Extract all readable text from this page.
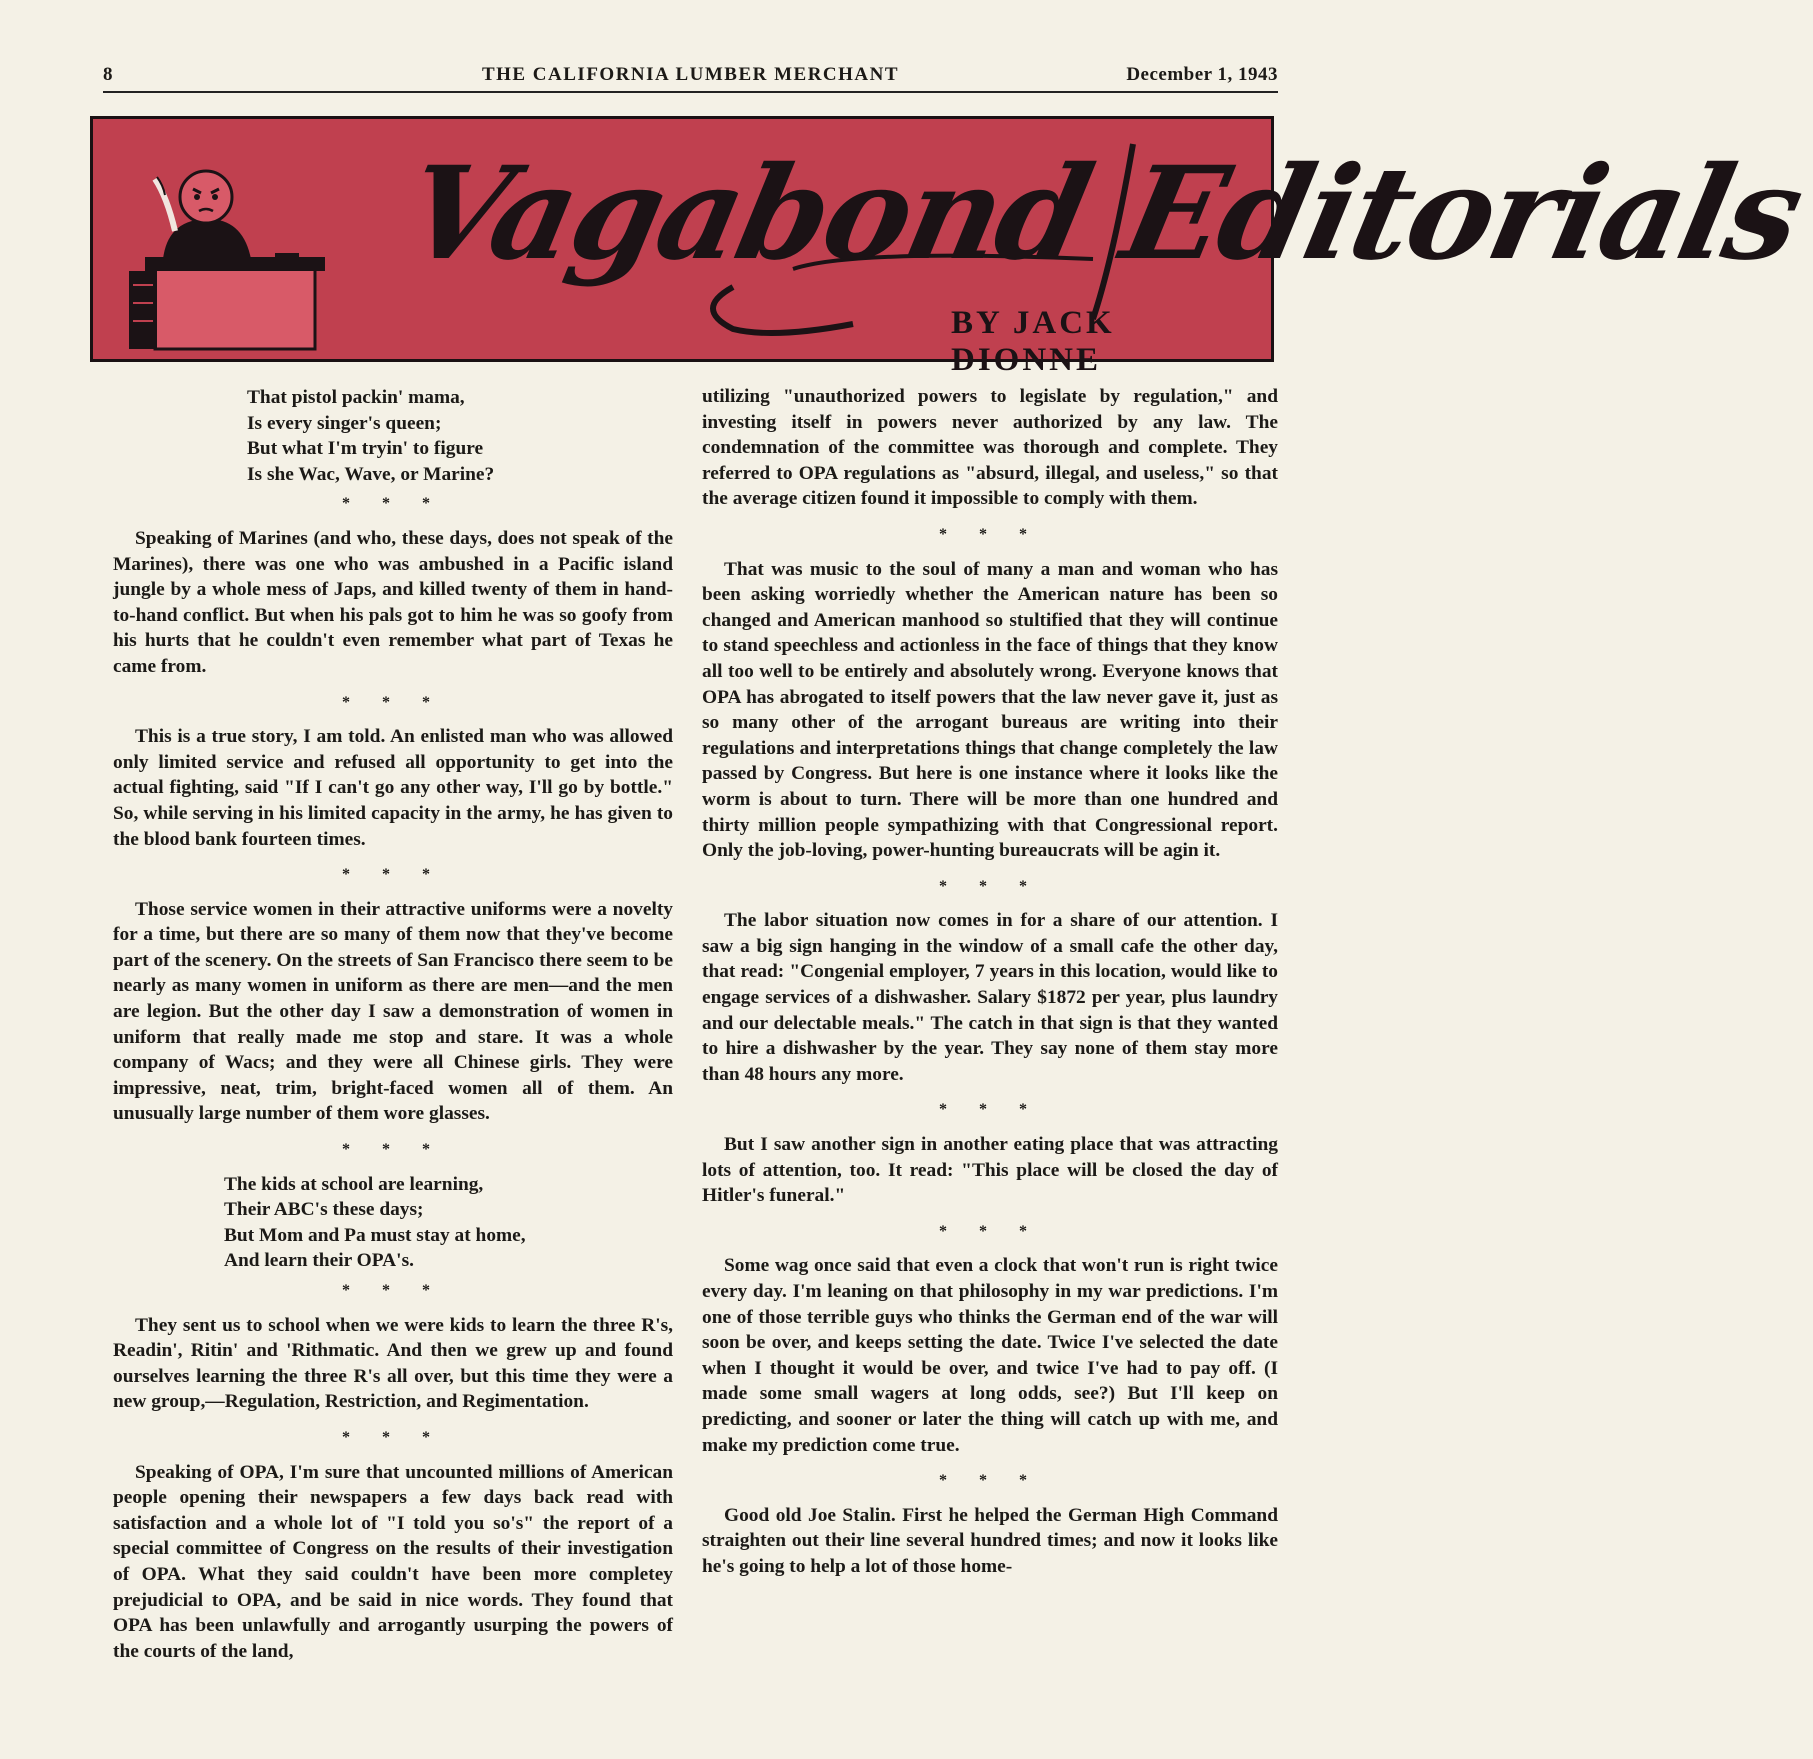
8	THE CALIFORNIA LUMBER MERCHANT	December 1, 1943
Vagabond Editorials
BY JACK DIONNE
That pistol packin' mama,
Is every singer's queen;
But what I'm tryin' to figure
Is she Wac, Wave, or Marine?
* * *

Speaking of Marines (and who, these days, does not speak of the Marines), there was one who was ambushed in a Pacific island jungle by a whole mess of Japs, and killed twenty of them in hand-to-hand conflict. But when his pals got to him he was so goofy from his hurts that he couldn't even remember what part of Texas he came from.

* * *

This is a true story, I am told. An enlisted man who was allowed only limited service and refused all opportunity to get into the actual fighting, said "If I can't go any other way, I'll go by bottle." So, while serving in his limited capacity in the army, he has given to the blood bank fourteen times.

* * *

Those service women in their attractive uniforms were a novelty for a time, but there are so many of them now that they've become part of the scenery. On the streets of San Francisco there seem to be nearly as many women in uniform as there are men—and the men are legion. But the other day I saw a demonstration of women in uniform that really made me stop and stare. It was a whole company of Wacs; and they were all Chinese girls. They were impressive, neat, trim, bright-faced women all of them. An unusually large number of them wore glasses.

* * *
The kids at school are learning,
Their ABC's these days;
But Mom and Pa must stay at home,
And learn their OPA's.
* * *

They sent us to school when we were kids to learn the three R's, Readin', Ritin' and 'Rithmatic. And then we grew up and found ourselves learning the three R's all over, but this time they were a new group,—Regulation, Restriction, and Regimentation.

* * *

Speaking of OPA, I'm sure that uncounted millions of American people opening their newspapers a few days back read with satisfaction and a whole lot of "I told you so's" the report of a special committee of Congress on the results of their investigation of OPA. What they said couldn't have been more completey prejudicial to OPA, and be said in nice words. They found that OPA has been unlawfully and arrogantly usurping the powers of the courts of the land,

utilizing "unauthorized powers to legislate by regulation," and investing itself in powers never authorized by any law. The condemnation of the committee was thorough and complete. They referred to OPA regulations as "absurd, illegal, and useless," so that the average citizen found it impossible to comply with them.

* * *

That was music to the soul of many a man and woman who has been asking worriedly whether the American nature has been so changed and American manhood so stultified that they will continue to stand speechless and actionless in the face of things that they know all too well to be entirely and absolutely wrong. Everyone knows that OPA has abrogated to itself powers that the law never gave it, just as so many other of the arrogant bureaus are writing into their regulations and interpretations things that change completely the law passed by Congress. But here is one instance where it looks like the worm is about to turn. There will be more than one hundred and thirty million people sympathizing with that Congressional report. Only the job-loving, power-hunting bureaucrats will be agin it.

* * *

The labor situation now comes in for a share of our attention. I saw a big sign hanging in the window of a small cafe the other day, that read: "Congenial employer, 7 years in this location, would like to engage services of a dishwasher. Salary $1872 per year, plus laundry and our delectable meals." The catch in that sign is that they wanted to hire a dishwasher by the year. They say none of them stay more than 48 hours any more.

* * *

But I saw another sign in another eating place that was attracting lots of attention, too. It read: "This place will be closed the day of Hitler's funeral."

* * *

Some wag once said that even a clock that won't run is right twice every day. I'm leaning on that philosophy in my war predictions. I'm one of those terrible guys who thinks the German end of the war will soon be over, and keeps setting the date. Twice I've selected the date when I thought it would be over, and twice I've had to pay off. (I made some small wagers at long odds, see?) But I'll keep on predicting, and sooner or later the thing will catch up with me, and make my prediction come true.

* * *

Good old Joe Stalin. First he helped the German High Command straighten out their line several hundred times; and now it looks like he's going to help a lot of those home-
